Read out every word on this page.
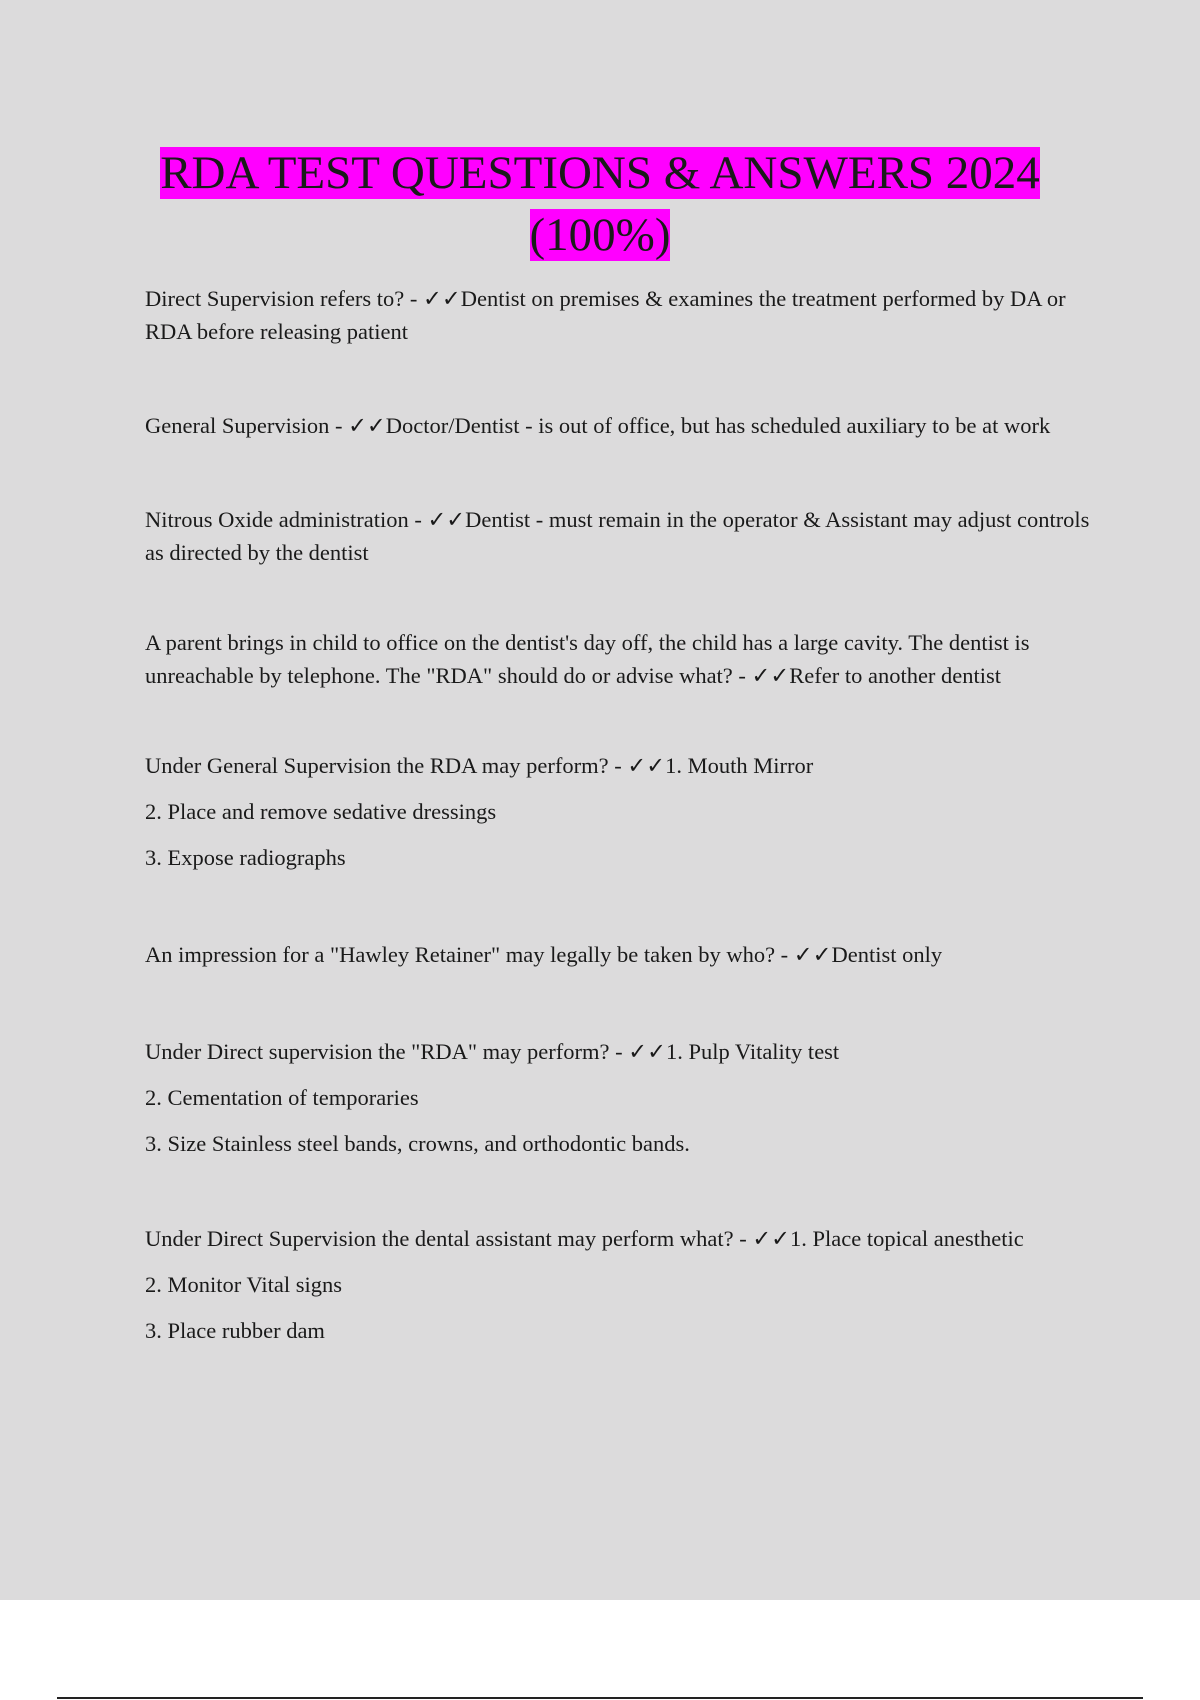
RDA TEST QUESTIONS & ANSWERS 2024
(100%)

Direct Supervision refers to? - ✓✓Dentist on premises & examines the treatment performed by DA or RDA before releasing patient

General Supervision - ✓✓Doctor/Dentist - is out of office, but has scheduled auxiliary to be at work

Nitrous Oxide administration - ✓✓Dentist - must remain in the operator & Assistant may adjust controls as directed by the dentist

A parent brings in child to office on the dentist's day off, the child has a large cavity. The dentist is unreachable by telephone. The "RDA" should do or advise what? - ✓✓Refer to another dentist

Under General Supervision the RDA may perform? - ✓✓1. Mouth Mirror

2. Place and remove sedative dressings

3. Expose radiographs

An impression for a "Hawley Retainer" may legally be taken by who? - ✓✓Dentist only

Under Direct supervision the "RDA" may perform? - ✓✓1. Pulp Vitality test

2. Cementation of temporaries

3. Size Stainless steel bands, crowns, and orthodontic bands.

Under Direct Supervision the dental assistant may perform what? - ✓✓1. Place topical anesthetic

2. Monitor Vital signs

3. Place rubber dam
